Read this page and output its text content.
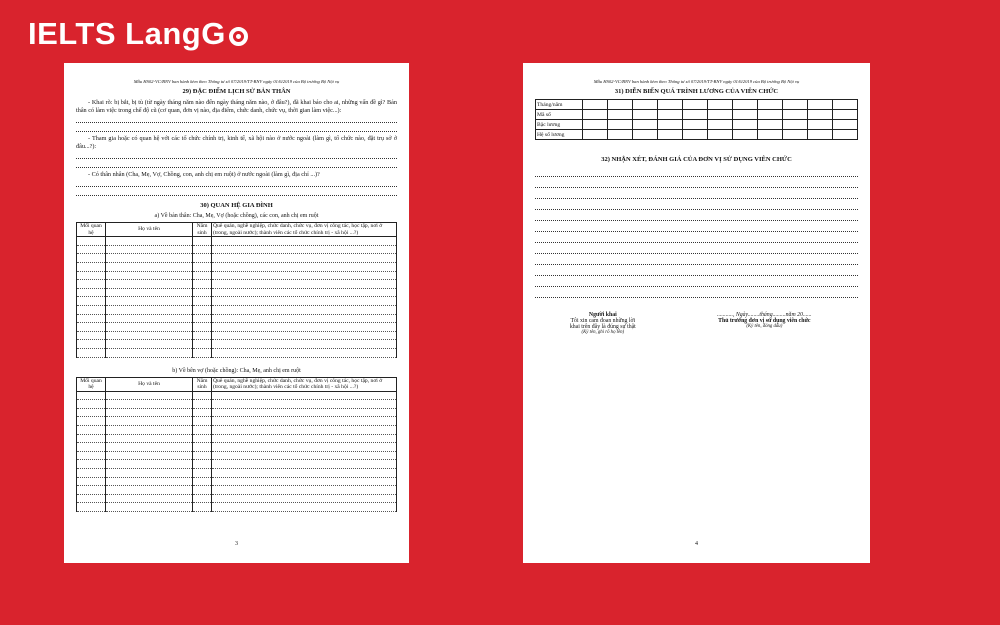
IELTS LangG
Mẫu HS02-VC/BNV ban hành kèm theo Thông tư số 07/2019/TT-BNV ngày 01/6/2019 của Bộ trưởng Bộ Nội vụ
29) ĐẶC ĐIỂM LỊCH SỬ BẢN THÂN
- Khai rõ: bị bắt, bị tù (từ ngày tháng năm nào đến ngày tháng năm nào, ở đâu?), đã khai báo cho ai, những vấn đề gì? Bản thân có làm việc trong chế độ cũ (cơ quan, đơn vị nào, địa điểm, chức danh, chức vụ, thời gian làm việc...):
- Tham gia hoặc có quan hệ với các tổ chức chính trị, kinh tế, xã hội nào ở nước ngoài (làm gì, tổ chức nào, đặt trụ sở ở đâu...?):
- Có thân nhân (Cha, Mẹ, Vợ, Chồng, con, anh chị em ruột) ở nước ngoài (làm gì, địa chỉ ...)?
30) QUAN HỆ GIA ĐÌNH
a) Về bản thân: Cha, Mẹ, Vợ (hoặc chồng), các con, anh chị em ruột
Mối quan hệ	Họ và tên	Năm sinh	Quê quán, nghề nghiệp, chức danh, chức vụ, đơn vị công tác, học tập, nơi ở (trong, ngoài nước); thành viên các tổ chức chính trị - xã hội ...?)

b) Về bên vợ (hoặc chồng): Cha, Mẹ, anh chị em ruột
Mối quan hệ	Họ và tên	Năm sinh	Quê quán, nghề nghiệp, chức danh, chức vụ, đơn vị công tác, học tập, nơi ở (trong, ngoài nước); thành viên các tổ chức chính trị - xã hội ...?)

3
Mẫu HS02-VC/BNV ban hành kèm theo Thông tư số 07/2019/TT-BNV ngày 01/6/2019 của Bộ trưởng Bộ Nội vụ
31) DIỄN BIẾN QUÁ TRÌNH LƯƠNG CỦA VIÊN CHỨC
Tháng/năm											
Mã số											
Bậc lương											
Hệ số lương											
32) NHẬN XÉT, ĐÁNH GIÁ CỦA ĐƠN VỊ SỬ DỤNG VIÊN CHỨC
Người khai
Tôi xin cam đoan những lời
khai trên đây là đúng sự thật
(Ký tên, ghi rõ họ tên)
..........., Ngày........tháng.........năm 20......
Thủ trưởng đơn vị sử dụng viên chức
(Ký tên, đóng dấu)
4
